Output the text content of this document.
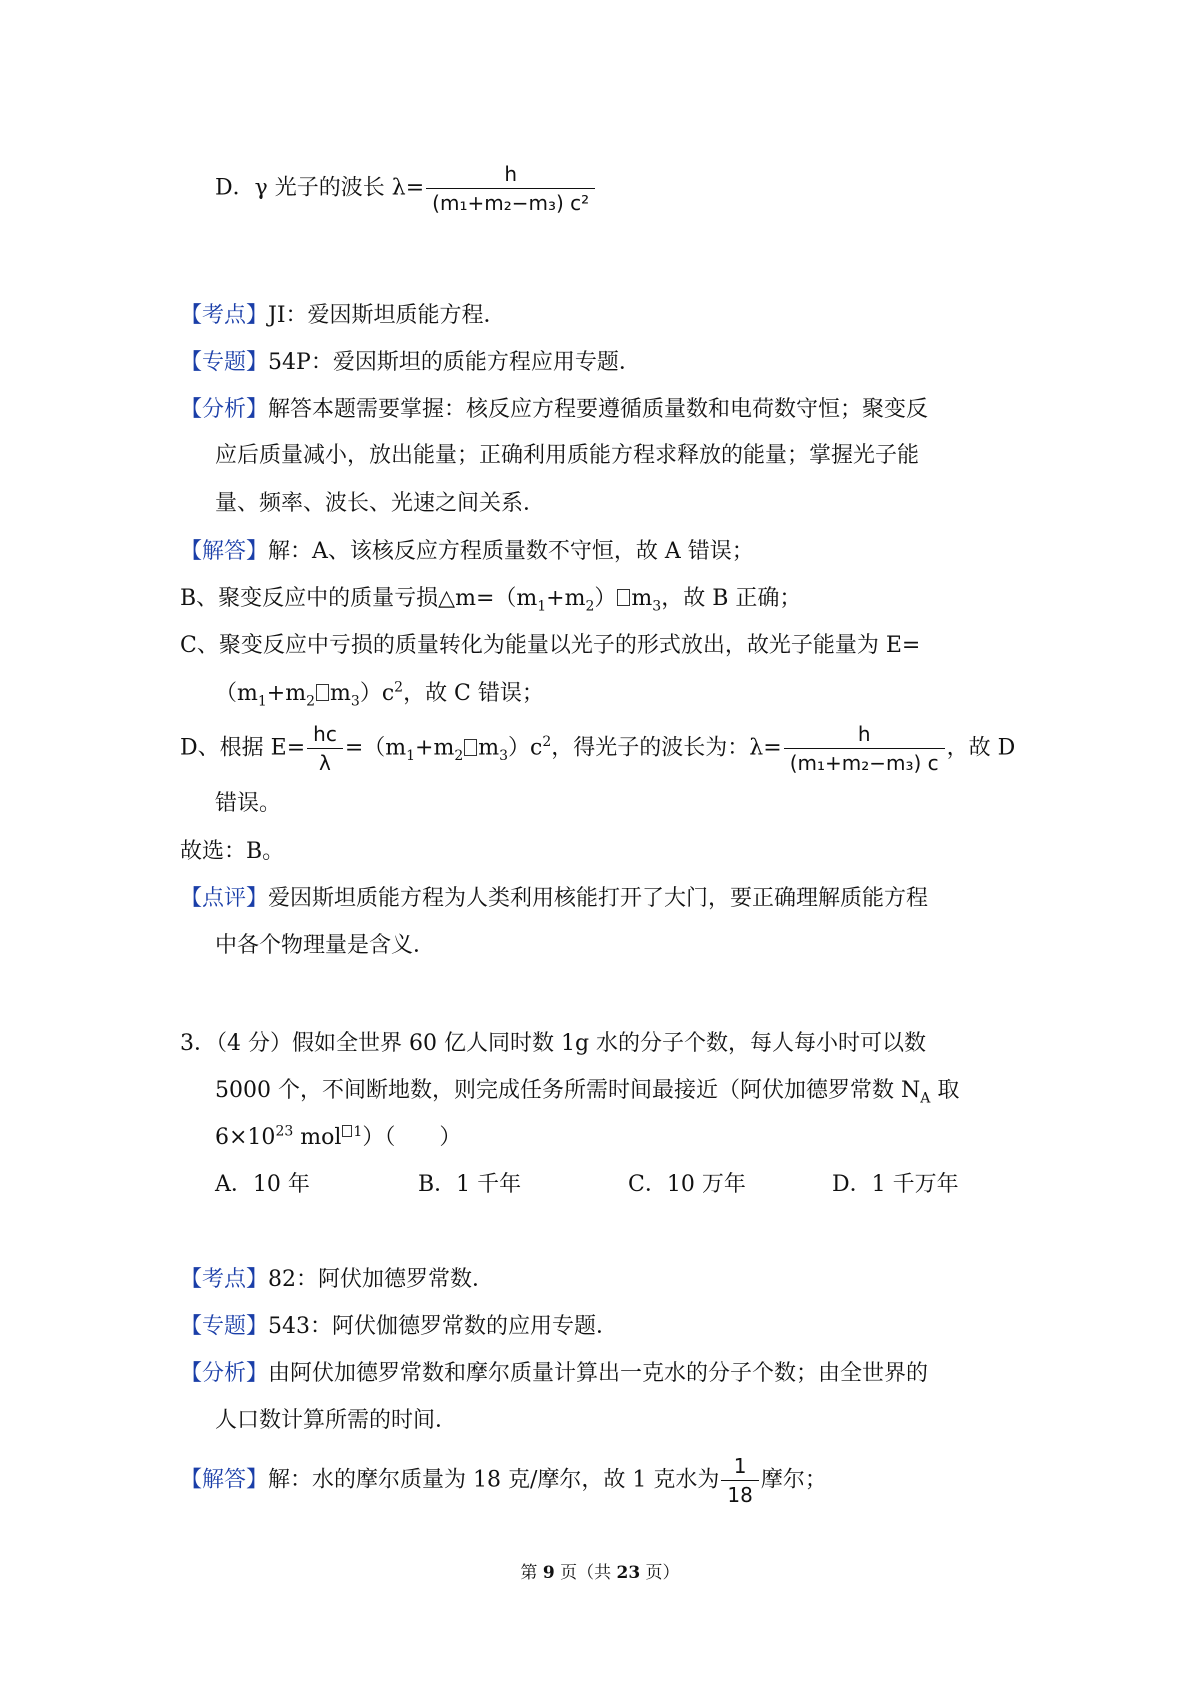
D．γ 光子的波长 $\lambda= \frac{h}{\text{(m₁+m₂−m₃) c²}}$
【考点】JI：爱因斯坦质能方程．
【专题】54P：爱因斯坦的质能方程应用专题．
【分析】解答本题需要掌握：核反应方程要遵循质量数和电荷数守恒；聚变反
应后质量减小，放出能量；正确利用质能方程求释放的能量；掌握光子能
量、频率、波长、光速之间关系．
【解答】解：A、该核反应方程质量数不守恒，故 A 错误；
B、聚变反应中的质量亏损$\triangle m=(m_1+m_2)$ $m_3$，故 B 正确；
C、聚变反应中亏损的质量转化为能量以光子的形式放出，故光子能量为 E=
（$m_1+m_2$ $m_3)c^2$，故 C 错误；
D、根据 $E= \frac{hc}{\lambda} =(m_1+m_2$ $m_3)c^2$，得光子的波长为：$\lambda= \frac{h}{\text{(m₁+m₂−m₃) c}}$ ，故 D
错误。
故选：B。
【点评】爱因斯坦质能方程为人类利用核能打开了大门，要正确理解质能方程
中各个物理量是含义．
3．（4 分）假如全世界 60 亿人同时数 1g 水的分子个数，每人每小时可以数
5000 个，不间断地数，则完成任务所需时间最接近（阿伏加德罗常数 $N_A$ 取
$6\times 10^{23}$ mol $^1$）（　　）
A．10 年	B．1 千年	C．10 万年	D．1 千万年
【考点】82：阿伏加德罗常数．
【专题】543：阿伏伽德罗常数的应用专题．
【分析】由阿伏加德罗常数和摩尔质量计算出一克水的分子个数；由全世界的
人口数计算所需的时间．
【解答】解：水的摩尔质量为 18 克/摩尔，故 1 克水为 $\frac{1}{18}$ 摩尔；
第 9 页（共 23 页）
